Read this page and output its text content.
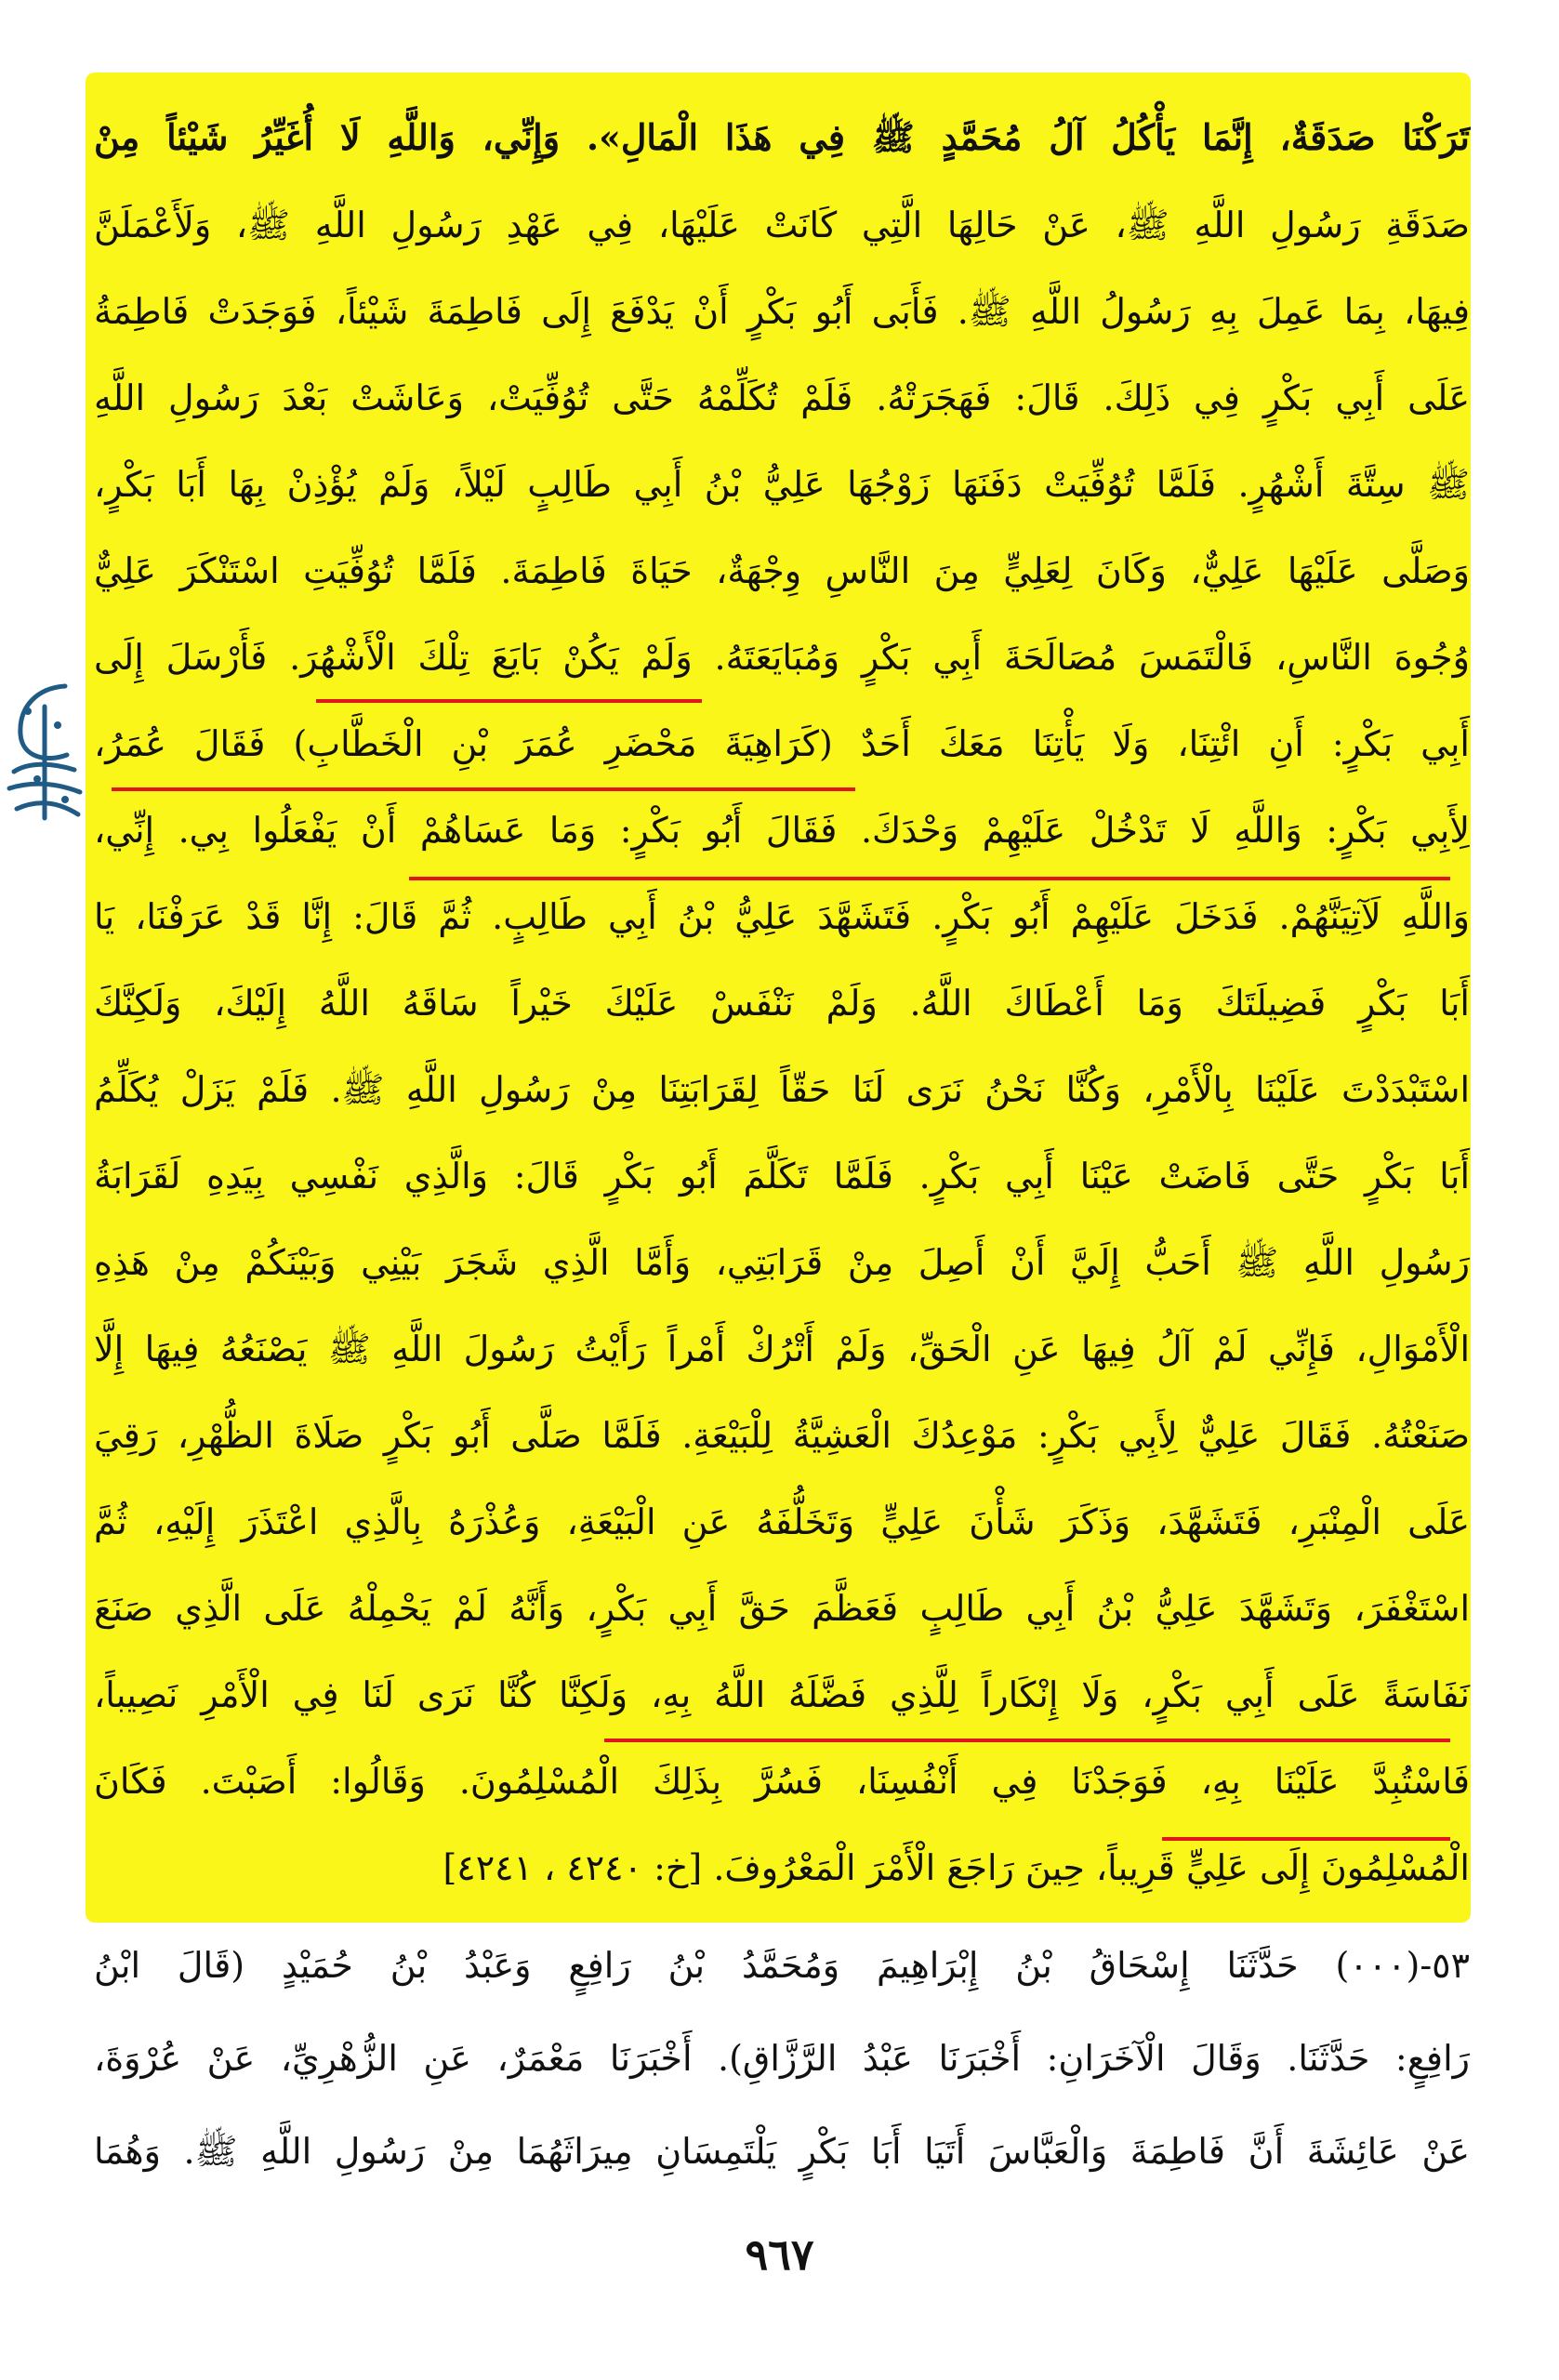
تَرَكْنَا صَدَقَةٌ، إِنَّمَا يَأْكُلُ آلُ مُحَمَّدٍ ﷺ فِي هَذَا الْمَالِ». وَإِنِّي، وَاللَّهِ لَا أُغَيِّرُ شَيْئاً مِنْ
صَدَقَةِ رَسُولِ اللَّهِ ﷺ، عَنْ حَالِهَا الَّتِي كَانَتْ عَلَيْهَا، فِي عَهْدِ رَسُولِ اللَّهِ ﷺ، وَلَأَعْمَلَنَّ
فِيهَا، بِمَا عَمِلَ بِهِ رَسُولُ اللَّهِ ﷺ. فَأَبَى أَبُو بَكْرٍ أَنْ يَدْفَعَ إِلَى فَاطِمَةَ شَيْئاً، فَوَجَدَتْ فَاطِمَةُ
عَلَى أَبِي بَكْرٍ فِي ذَلِكَ. قَالَ: فَهَجَرَتْهُ. فَلَمْ تُكَلِّمْهُ حَتَّى تُوُفِّيَتْ، وَعَاشَتْ بَعْدَ رَسُولِ اللَّهِ
ﷺ سِتَّةَ أَشْهُرٍ. فَلَمَّا تُوُفِّيَتْ دَفَنَهَا زَوْجُهَا عَلِيُّ بْنُ أَبِي طَالِبٍ لَيْلاً، وَلَمْ يُؤْذِنْ بِهَا أَبَا بَكْرٍ،
وَصَلَّى عَلَيْهَا عَلِيٌّ، وَكَانَ لِعَلِيٍّ مِنَ النَّاسِ وِجْهَةٌ، حَيَاةَ فَاطِمَةَ. فَلَمَّا تُوُفِّيَتِ اسْتَنْكَرَ عَلِيٌّ
وُجُوهَ النَّاسِ، فَالْتَمَسَ مُصَالَحَةَ أَبِي بَكْرٍ وَمُبَايَعَتَهُ. وَلَمْ يَكُنْ بَايَعَ تِلْكَ الْأَشْهُرَ. فَأَرْسَلَ إِلَى
أَبِي بَكْرٍ: أَنِ ائْتِنَا، وَلَا يَأْتِنَا مَعَكَ أَحَدٌ (كَرَاهِيَةَ مَحْضَرِ عُمَرَ بْنِ الْخَطَّابِ) فَقَالَ عُمَرُ،
لِأَبِي بَكْرٍ: وَاللَّهِ لَا تَدْخُلْ عَلَيْهِمْ وَحْدَكَ. فَقَالَ أَبُو بَكْرٍ: وَمَا عَسَاهُمْ أَنْ يَفْعَلُوا بِي. إِنِّي،
وَاللَّهِ لَآتِيَنَّهُمْ. فَدَخَلَ عَلَيْهِمْ أَبُو بَكْرٍ. فَتَشَهَّدَ عَلِيُّ بْنُ أَبِي طَالِبٍ. ثُمَّ قَالَ: إِنَّا قَدْ عَرَفْنَا، يَا
أَبَا بَكْرٍ فَضِيلَتَكَ وَمَا أَعْطَاكَ اللَّهُ. وَلَمْ نَنْفَسْ عَلَيْكَ خَيْراً سَاقَهُ اللَّهُ إِلَيْكَ، وَلَكِنَّكَ
اسْتَبْدَدْتَ عَلَيْنَا بِالْأَمْرِ، وَكُنَّا نَحْنُ نَرَى لَنَا حَقّاً لِقَرَابَتِنَا مِنْ رَسُولِ اللَّهِ ﷺ. فَلَمْ يَزَلْ يُكَلِّمُ
أَبَا بَكْرٍ حَتَّى فَاضَتْ عَيْنَا أَبِي بَكْرٍ. فَلَمَّا تَكَلَّمَ أَبُو بَكْرٍ قَالَ: وَالَّذِي نَفْسِي بِيَدِهِ لَقَرَابَةُ
رَسُولِ اللَّهِ ﷺ أَحَبُّ إِلَيَّ أَنْ أَصِلَ مِنْ قَرَابَتِي، وَأَمَّا الَّذِي شَجَرَ بَيْنِي وَبَيْنَكُمْ مِنْ هَذِهِ
الْأَمْوَالِ، فَإِنِّي لَمْ آلُ فِيهَا عَنِ الْحَقِّ، وَلَمْ أَتْرُكْ أَمْراً رَأَيْتُ رَسُولَ اللَّهِ ﷺ يَصْنَعُهُ فِيهَا إِلَّا
صَنَعْتُهُ. فَقَالَ عَلِيٌّ لِأَبِي بَكْرٍ: مَوْعِدُكَ الْعَشِيَّةُ لِلْبَيْعَةِ. فَلَمَّا صَلَّى أَبُو بَكْرٍ صَلَاةَ الظُّهْرِ، رَقِيَ
عَلَى الْمِنْبَرِ، فَتَشَهَّدَ، وَذَكَرَ شَأْنَ عَلِيٍّ وَتَخَلُّفَهُ عَنِ الْبَيْعَةِ، وَعُذْرَهُ بِالَّذِي اعْتَذَرَ إِلَيْهِ، ثُمَّ
اسْتَغْفَرَ، وَتَشَهَّدَ عَلِيُّ بْنُ أَبِي طَالِبٍ فَعَظَّمَ حَقَّ أَبِي بَكْرٍ، وَأَنَّهُ لَمْ يَحْمِلْهُ عَلَى الَّذِي صَنَعَ
نَفَاسَةً عَلَى أَبِي بَكْرٍ، وَلَا إِنْكَاراً لِلَّذِي فَضَّلَهُ اللَّهُ بِهِ، وَلَكِنَّا كُنَّا نَرَى لَنَا فِي الْأَمْرِ نَصِيباً،
فَاسْتُبِدَّ عَلَيْنَا بِهِ، فَوَجَدْنَا فِي أَنْفُسِنَا، فَسُرَّ بِذَلِكَ الْمُسْلِمُونَ. وَقَالُوا: أَصَبْتَ. فَكَانَ
الْمُسْلِمُونَ إِلَى عَلِيٍّ قَرِيباً، حِينَ رَاجَعَ الْأَمْرَ الْمَعْرُوفَ. [خ: ٤٢٤٠ ، ٤٢٤١]
٥٣-(٠٠٠) حَدَّثَنَا إِسْحَاقُ بْنُ إِبْرَاهِيمَ وَمُحَمَّدُ بْنُ رَافِعٍ وَعَبْدُ بْنُ حُمَيْدٍ (قَالَ ابْنُ
رَافِعٍ: حَدَّثَنَا. وَقَالَ الْآخَرَانِ: أَخْبَرَنَا عَبْدُ الرَّزَّاقِ). أَخْبَرَنَا مَعْمَرٌ، عَنِ الزُّهْرِيِّ، عَنْ عُرْوَةَ،
عَنْ عَائِشَةَ أَنَّ فَاطِمَةَ وَالْعَبَّاسَ أَتَيَا أَبَا بَكْرٍ يَلْتَمِسَانِ مِيرَاثَهُمَا مِنْ رَسُولِ اللَّهِ ﷺ. وَهُمَا
٩٦٧
